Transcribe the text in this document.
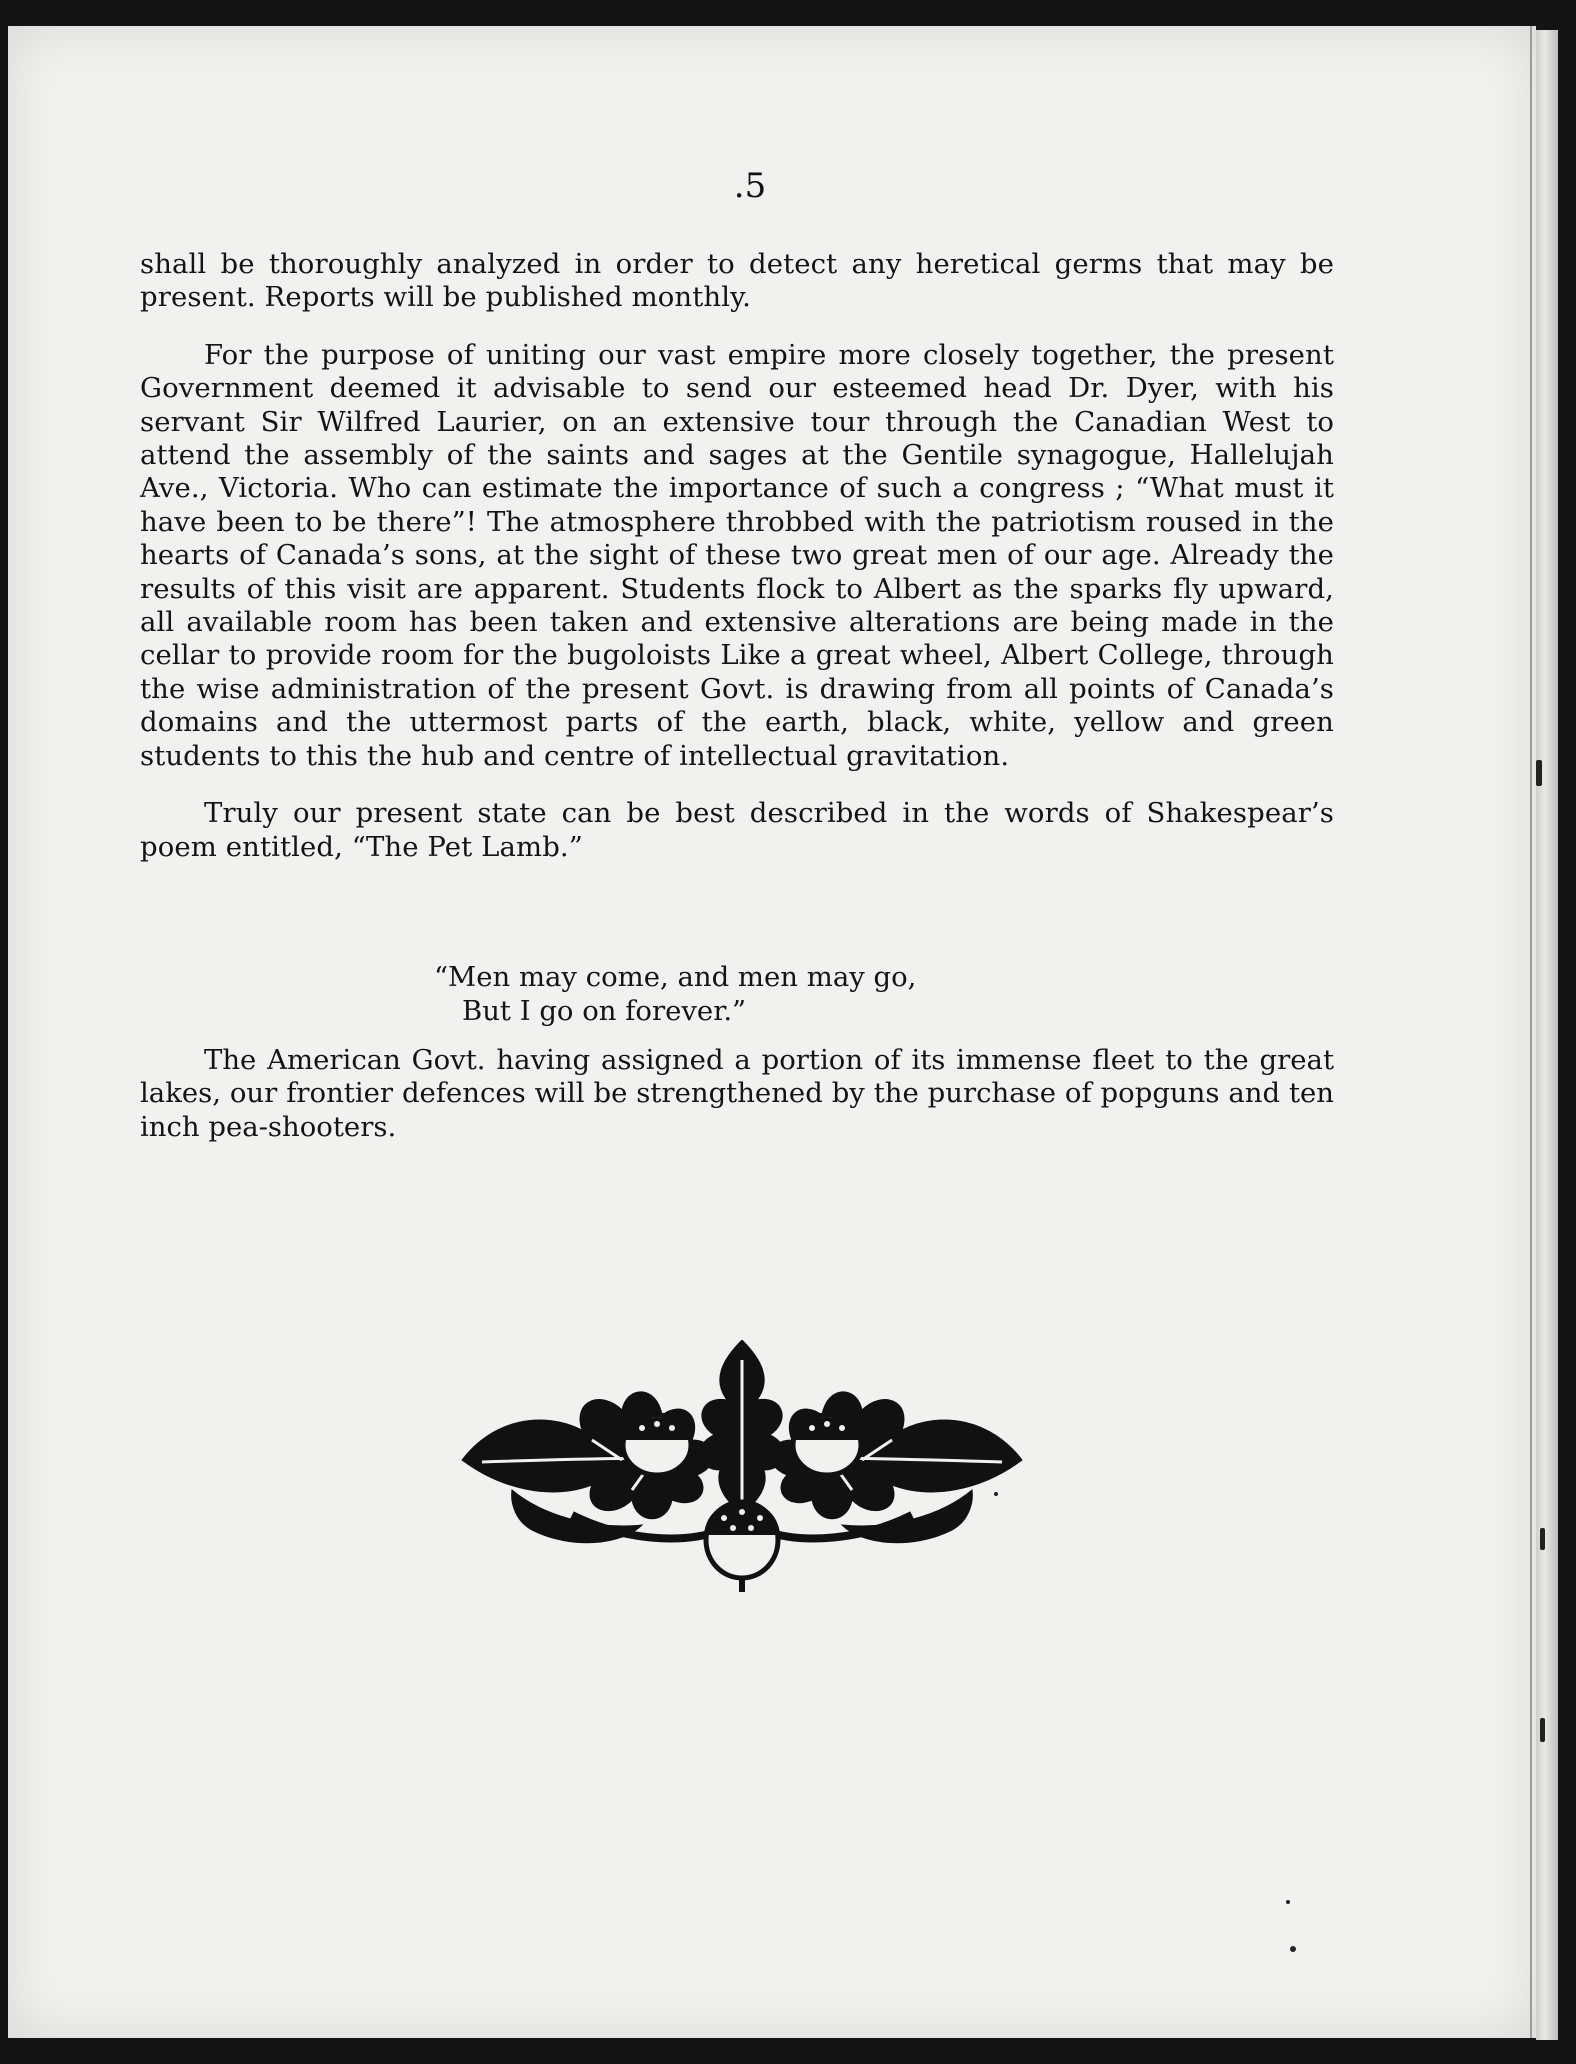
.5

shall be thoroughly analyzed in order to detect any heretical germs that may be present. Reports will be published monthly.

For the purpose of uniting our vast empire more closely together, the present Government deemed it advisable to send our esteemed head Dr. Dyer, with his servant Sir Wilfred Laurier, on an extensive tour through the Canadian West to attend the assembly of the saints and sages at the Gentile synagogue, Hallelujah Ave., Victoria. Who can estimate the importance of such a congress ; “What must it have been to be there”! The atmosphere throbbed with the patriotism roused in the hearts of Canada’s sons, at the sight of these two great men of our age. Already the results of this visit are apparent. Students flock to Albert as the sparks fly upward, all available room has been taken and extensive alterations are being made in the cellar to provide room for the bugoloists Like a great wheel, Albert College, through the wise administration of the present Govt. is drawing from all points of Canada’s domains and the uttermost parts of the earth, black, white, yellow and green students to this the hub and centre of intellectual gravitation.

Truly our present state can be best described in the words of Shakespear’s poem entitled, “The Pet Lamb.”

“Men may come, and men may go,
But I go on forever.”

The American Govt. having assigned a portion of its immense fleet to the great lakes, our frontier defences will be strengthened by the purchase of popguns and ten inch pea-shooters.
